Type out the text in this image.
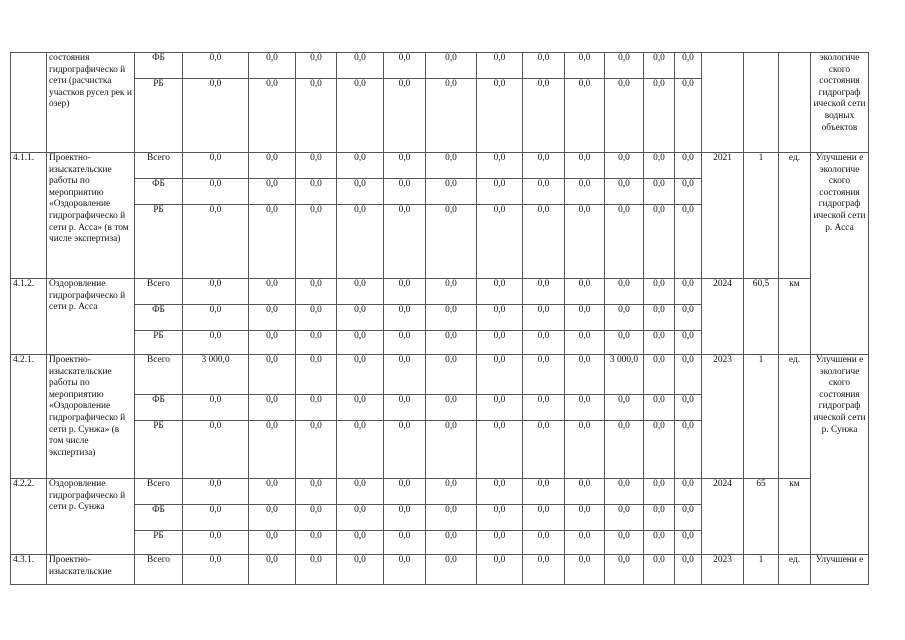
	состояния гидрографическо й сети (расчистка участков русел рек и озер)	ФБ	0,0	0,0	0,0	0,0	0,0	0,0	0,0	0,0	0,0	0,0	0,0	0,0				экологиче ского состояния гидрограф ической сети водных объектов
		РБ	0,0	0,0	0,0	0,0	0,0	0,0	0,0	0,0	0,0	0,0	0,0	0,0				
4.1.1.	Проектно-изыскательские работы по мероприятию «Оздоровление гидрографическо й сети р. Асса» (в том числе экспертиза)	Всего	0,0	0,0	0,0	0,0	0,0	0,0	0,0	0,0	0,0	0,0	0,0	0,0	2021	1	ед.	Улучшени е экологиче ского состояния гидрограф ической сети р. Асса
		ФБ	0,0	0,0	0,0	0,0	0,0	0,0	0,0	0,0	0,0	0,0	0,0	0,0				
		РБ	0,0	0,0	0,0	0,0	0,0	0,0	0,0	0,0	0,0	0,0	0,0	0,0				
4.1.2.	Оздоровление гидрографическо й сети р. Асса	Всего	0,0	0,0	0,0	0,0	0,0	0,0	0,0	0,0	0,0	0,0	0,0	0,0	2024	60,5	км	
		ФБ	0,0	0,0	0,0	0,0	0,0	0,0	0,0	0,0	0,0	0,0	0,0	0,0				
		РБ	0,0	0,0	0,0	0,0	0,0	0,0	0,0	0,0	0,0	0,0	0,0	0,0				
4.2.1.	Проектно-изыскательские работы по мероприятию «Оздоровление гидрографическо й сети р. Сунжа» (в том числе экспертиза)	Всего	3 000,0	0,0	0,0	0,0	0,0	0,0	0,0	0,0	0,0	3 000,0	0,0	0,0	2023	1	ед.	Улучшени е экологиче ского состояния гидрограф ической сети р. Сунжа
		ФБ	0,0	0,0	0,0	0,0	0,0	0,0	0,0	0,0	0,0	0,0	0,0	0,0				
		РБ	0,0	0,0	0,0	0,0	0,0	0,0	0,0	0,0	0,0	0,0	0,0	0,0				
4.2.2.	Оздоровление гидрографическо й сети р. Сунжа	Всего	0,0	0,0	0,0	0,0	0,0	0,0	0,0	0,0	0,0	0,0	0,0	0,0	2024	65	км	
		ФБ	0,0	0,0	0,0	0,0	0,0	0,0	0,0	0,0	0,0	0,0	0,0	0,0				
		РБ	0,0	0,0	0,0	0,0	0,0	0,0	0,0	0,0	0,0	0,0	0,0	0,0				
4.3.1.	Проектно-изыскательские	Всего	0,0	0,0	0,0	0,0	0,0	0,0	0,0	0,0	0,0	0,0	0,0	0,0	2023	1	ед.	Улучшени е
